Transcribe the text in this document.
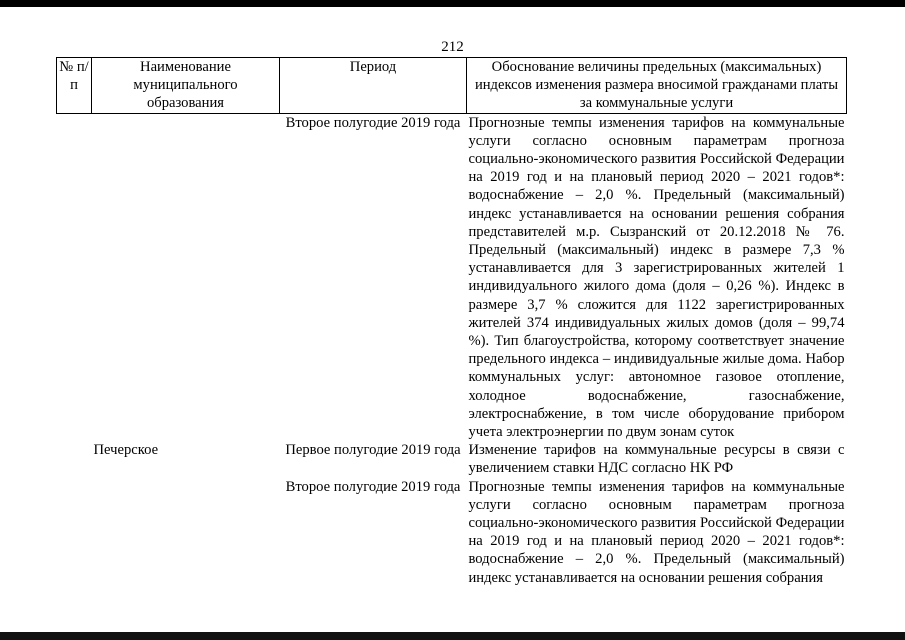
212
№ п/п	Наименование муниципального образования	Период	Обоснование величины предельных (максимальных) индексов изменения размера вносимой гражданами платы за коммунальные услуги
		Второе полугодие 2019 года	Прогнозные темпы изменения тарифов на коммунальные услуги согласно основным параметрам прогноза социально-экономического развития Российской Федерации на 2019 год и на плановый период 2020 – 2021 годов*: водоснабжение – 2,0 %. Предельный (максимальный) индекс устанавливается на основании решения собрания представителей м.р. Сызранский от 20.12.2018 № 76. Предельный (максимальный) индекс в размере 7,3 % устанавливается для 3 зарегистрированных жителей 1 индивидуального жилого дома (доля – 0,26 %). Индекс в размере 3,7 % сложится для 1122 зарегистрированных жителей 374 индивидуальных жилых домов (доля – 99,74 %). Тип благоустройства, которому соответствует значение предельного индекса – индивидуальные жилые дома. Набор коммунальных услуг: автономное газовое отопление, холодное водоснабжение, газоснабжение, электроснабжение, в том числе оборудование прибором учета электроэнергии по двум зонам суток
	Печерское	Первое полугодие 2019 года	Изменение тарифов на коммунальные ресурсы в связи с увеличением ставки НДС согласно НК РФ
		Второе полугодие 2019 года	Прогнозные темпы изменения тарифов на коммунальные услуги согласно основным параметрам прогноза социально-экономического развития Российской Федерации на 2019 год и на плановый период 2020 – 2021 годов*: водоснабжение – 2,0 %. Предельный (максимальный) индекс устанавливается на основании решения собрания
